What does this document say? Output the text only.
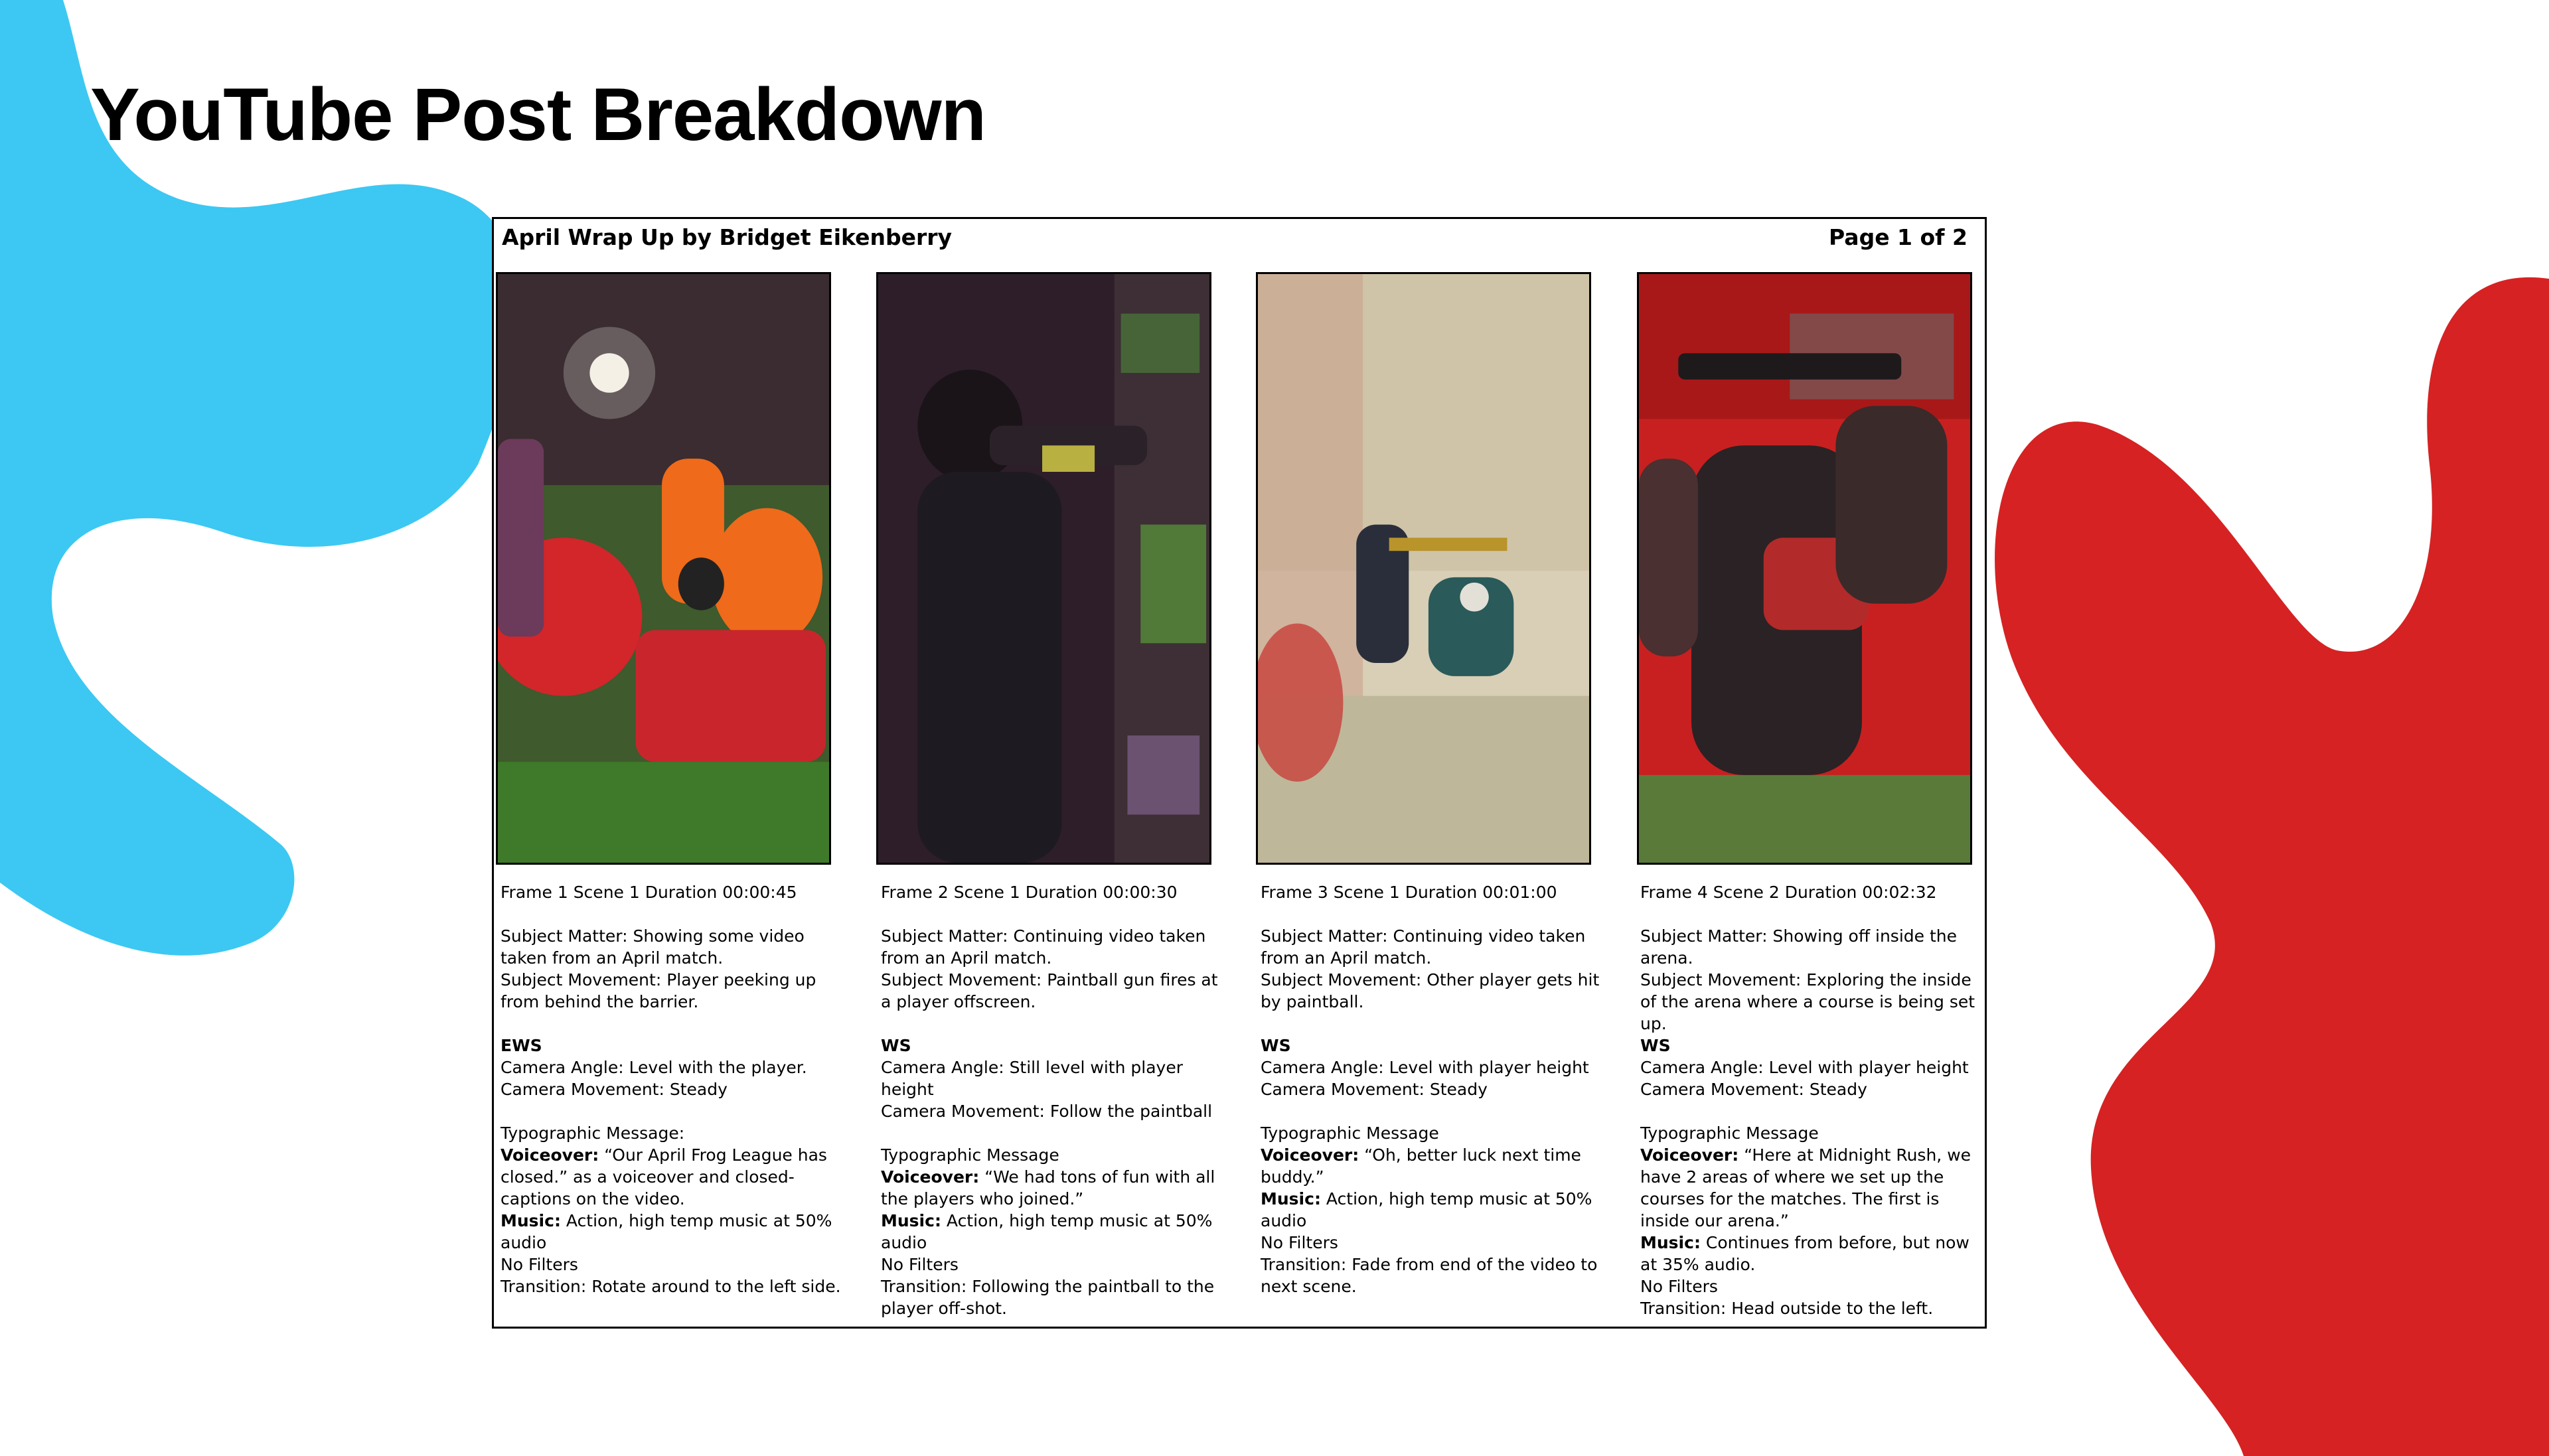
YouTube Post Breakdown
April Wrap Up by Bridget Eikenberry	Page 1 of 2

Frame 1 Scene 1 Duration 00:00:45

Subject Matter: Showing some video taken from an April match.

Subject Movement: Player peeking up from behind the barrier.

EWS

Camera Angle: Level with the player.

Camera Movement: Steady

Typographic Message:

Voiceover: “Our April Frog League has closed.” as a voiceover and closed-captions on the video.

Music: Action, high temp music at 50% audio

No Filters

Transition: Rotate around to the left side.

Frame 2 Scene 1 Duration 00:00:30

Subject Matter: Continuing video taken from an April match.

Subject Movement: Paintball gun fires at a player offscreen.

WS

Camera Angle: Still level with player height

Camera Movement: Follow the paintball

Typographic Message

Voiceover: “We had tons of fun with all the players who joined.”

Music: Action, high temp music at 50% audio

No Filters

Transition: Following the paintball to the player off-shot.

Frame 3 Scene 1 Duration 00:01:00

Subject Matter: Continuing video taken from an April match.

Subject Movement: Other player gets hit by paintball.

WS

Camera Angle: Level with player height

Camera Movement: Steady

Typographic Message

Voiceover: “Oh, better luck next time buddy.”

Music: Action, high temp music at 50% audio

No Filters

Transition: Fade from end of the video to next scene.

Frame 4 Scene 2 Duration 00:02:32

Subject Matter: Showing off inside the arena.

Subject Movement: Exploring the inside of the arena where a course is being set up.

WS

Camera Angle: Level with player height

Camera Movement: Steady

Typographic Message

Voiceover: “Here at Midnight Rush, we have 2 areas of where we set up the courses for the matches. The first is inside our arena.”

Music: Continues from before, but now at 35% audio.

No Filters

Transition: Head outside to the left.
